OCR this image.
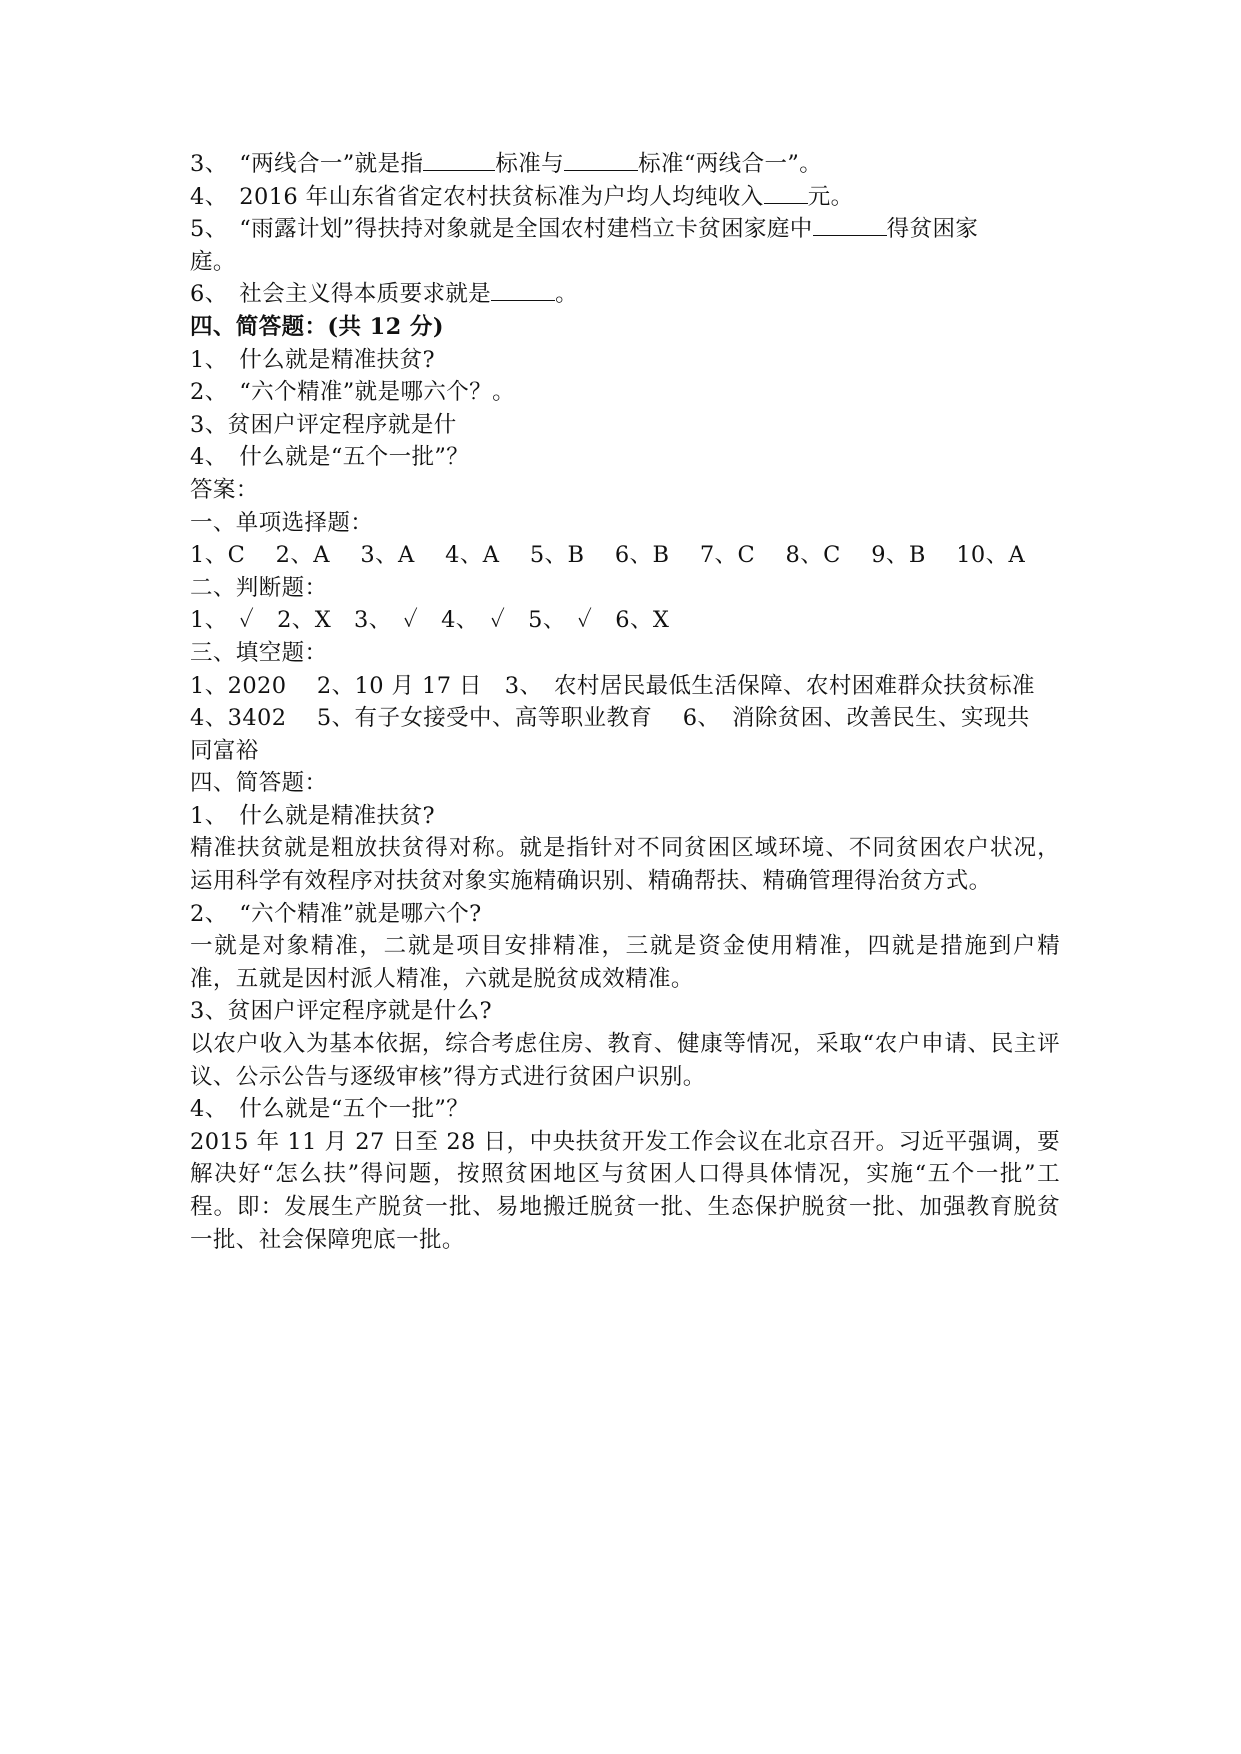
3、　“两线合一”就是指	标准与	标准“两线合一”。
4、　2016 年山东省省定农村扶贫标准为户均人均纯收入 元。
5、　“雨露计划”得扶持对象就是全国农村建档立卡贫困家庭中	得贫困家
庭。
6、　社会主义得本质要求就是	。
四、简答题：(共 12 分)
1、　什么就是精准扶贫?
2、　“六个精准”就是哪六个？。
3、贫困户评定程序就是什
4、　什么就是“五个一批”？
答案：
一、单项选择题：
1、C　 2、A　 3、A　 4、A　 5、B　 6、B　 7、C　 8、C　 9、B　 10、A
二、判断题：
1、　✓　2、X　3、　✓　4、　✓　5、　✓　6、X
三、填空题：
1、2020　 2、10 月 17 日　3、　农村居民最低生活保障、农村困难群众扶贫标准
4、3402　 5、有子女接受中、高等职业教育　 6、　消除贫困、改善民生、实现共
同富裕
四、简答题：
1、　什么就是精准扶贫?
精准扶贫就是粗放扶贫得对称。就是指针对不同贫困区域环境、不同贫困农户状况，运用科学有效程序对扶贫对象实施精确识别、精确帮扶、精确管理得治贫方式。
2、　“六个精准”就是哪六个?
一就是对象精准，二就是项目安排精准，三就是资金使用精准，四就是措施到户精准，五就是因村派人精准，六就是脱贫成效精准。
3、贫困户评定程序就是什么?
以农户收入为基本依据，综合考虑住房、教育、健康等情况，采取“农户申请、民主评议、公示公告与逐级审核”得方式进行贫困户识别。
4、　什么就是“五个一批”？
2015 年 11 月 27 日至 28 日，中央扶贫开发工作会议在北京召开。习近平强调，要解决好“怎么扶”得问题，按照贫困地区与贫困人口得具体情况，实施“五个一批”工程。即：发展生产脱贫一批、易地搬迁脱贫一批、生态保护脱贫一批、加强教育脱贫一批、社会保障兜底一批。
